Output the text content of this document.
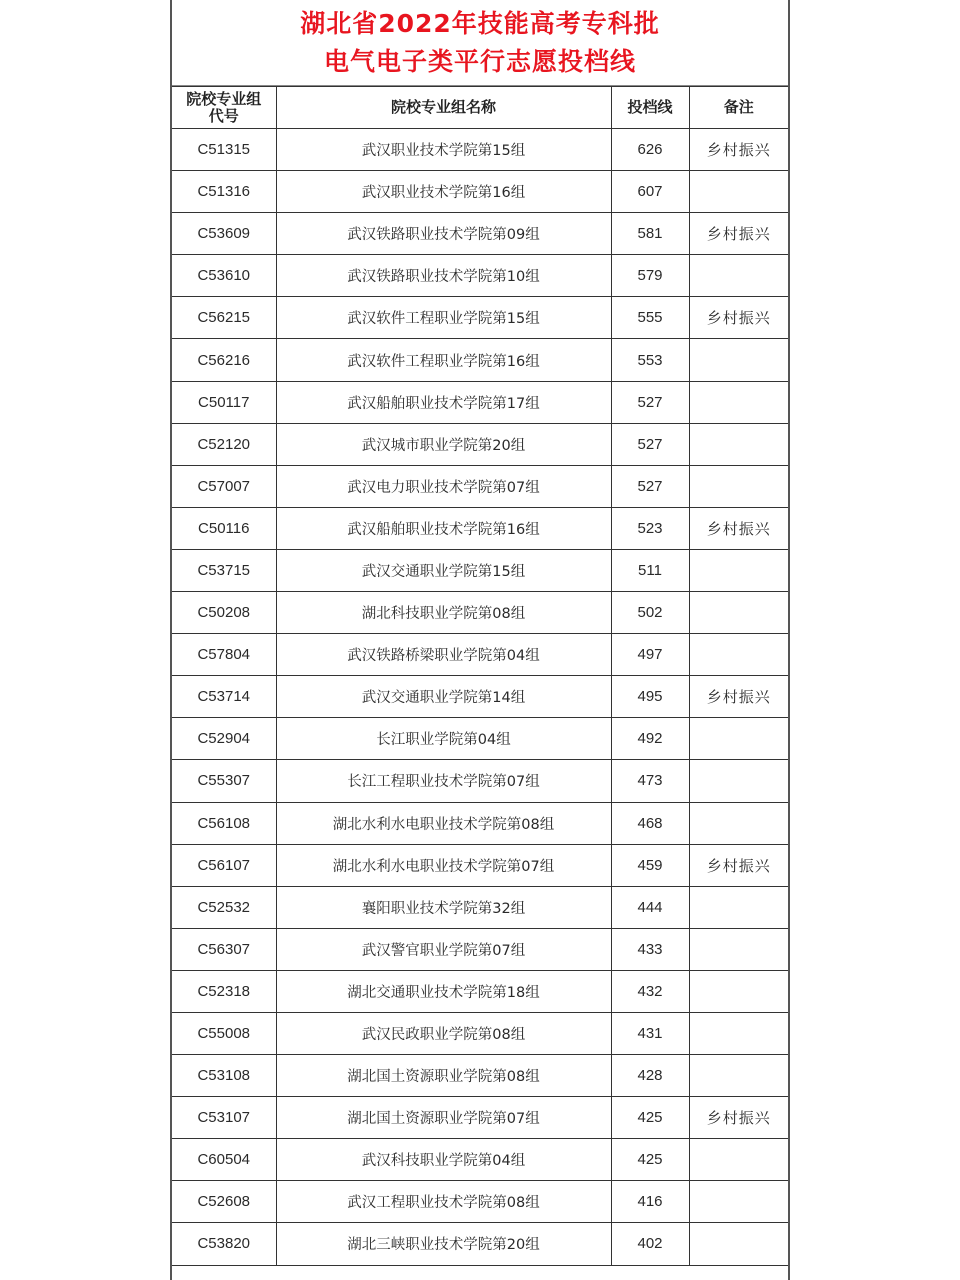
湖北省2022年技能高考专科批
电气电子类平行志愿投档线
院校专业组
代号	院校专业组名称	投档线	备注
C51315	武汉职业技术学院第15组	626	乡村振兴
C51316	武汉职业技术学院第16组	607	
C53609	武汉铁路职业技术学院第09组	581	乡村振兴
C53610	武汉铁路职业技术学院第10组	579	
C56215	武汉软件工程职业学院第15组	555	乡村振兴
C56216	武汉软件工程职业学院第16组	553	
C50117	武汉船舶职业技术学院第17组	527	
C52120	武汉城市职业学院第20组	527	
C57007	武汉电力职业技术学院第07组	527	
C50116	武汉船舶职业技术学院第16组	523	乡村振兴
C53715	武汉交通职业学院第15组	511	
C50208	湖北科技职业学院第08组	502	
C57804	武汉铁路桥梁职业学院第04组	497	
C53714	武汉交通职业学院第14组	495	乡村振兴
C52904	长江职业学院第04组	492	
C55307	长江工程职业技术学院第07组	473	
C56108	湖北水利水电职业技术学院第08组	468	
C56107	湖北水利水电职业技术学院第07组	459	乡村振兴
C52532	襄阳职业技术学院第32组	444	
C56307	武汉警官职业学院第07组	433	
C52318	湖北交通职业技术学院第18组	432	
C55008	武汉民政职业学院第08组	431	
C53108	湖北国土资源职业学院第08组	428	
C53107	湖北国土资源职业学院第07组	425	乡村振兴
C60504	武汉科技职业学院第04组	425	
C52608	武汉工程职业技术学院第08组	416	
C53820	湖北三峡职业技术学院第20组	402	
